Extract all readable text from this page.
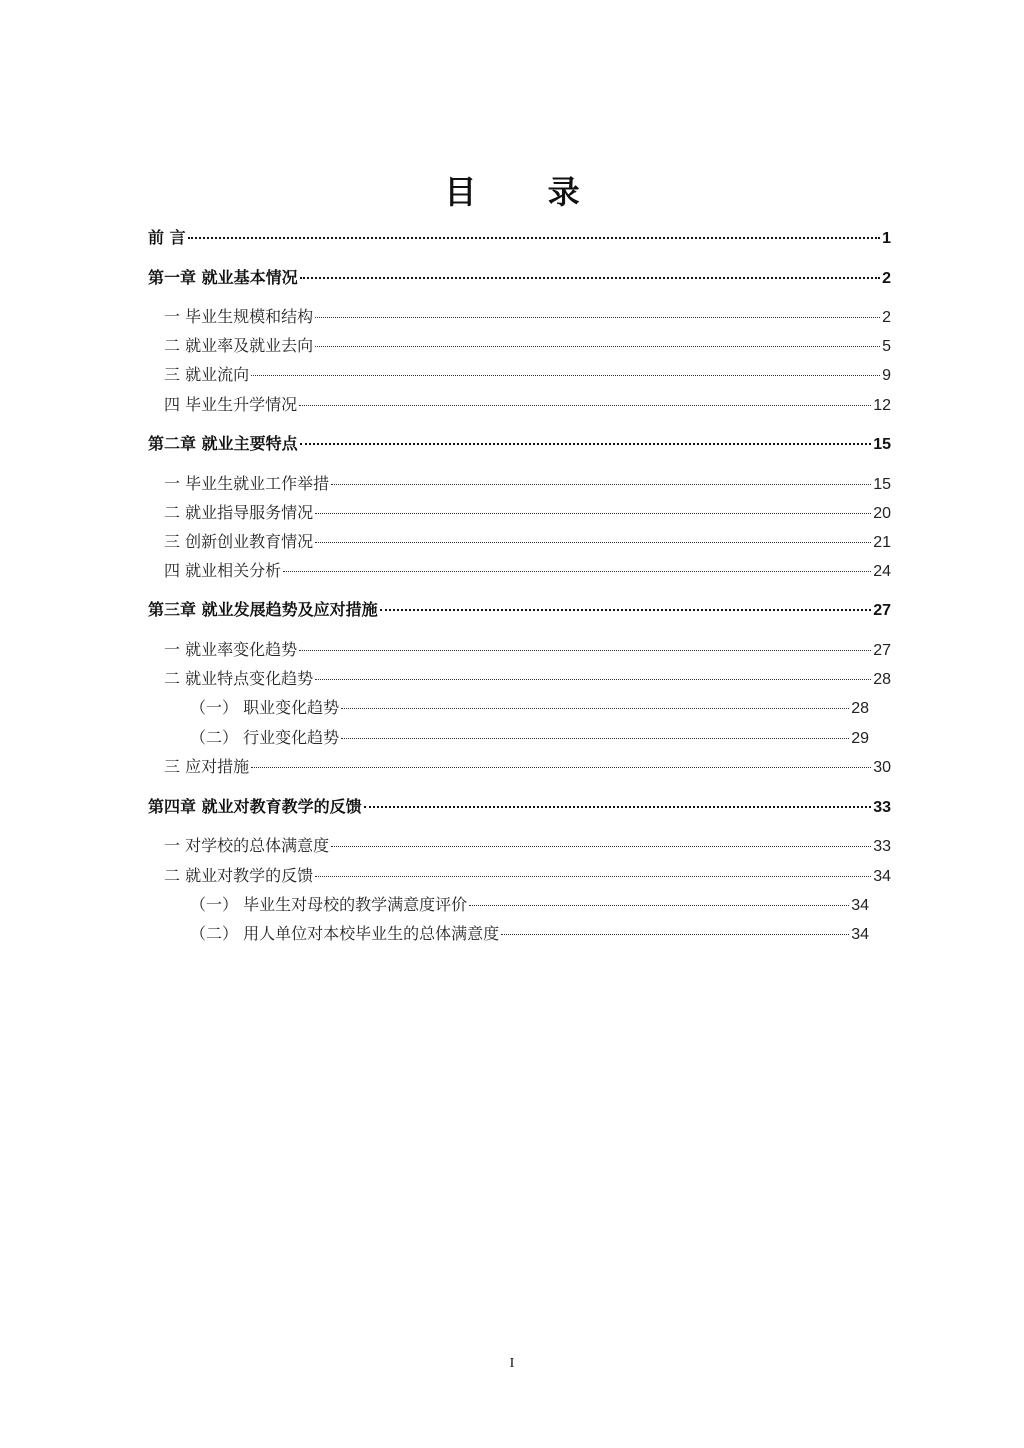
目 录
前 言	1
第一章 就业基本情况	2
一 毕业生规模和结构	2
二 就业率及就业去向	5
三 就业流向	9
四 毕业生升学情况	12
第二章 就业主要特点	15
一 毕业生就业工作举措	15
二 就业指导服务情况	20
三 创新创业教育情况	21
四 就业相关分析	24
第三章 就业发展趋势及应对措施	27
一 就业率变化趋势	27
二 就业特点变化趋势	28
（一） 职业变化趋势	28
（二） 行业变化趋势	29
三 应对措施	30
第四章 就业对教育教学的反馈	33
一 对学校的总体满意度	33
二 就业对教学的反馈	34
（一） 毕业生对母校的教学满意度评价	34
（二） 用人单位对本校毕业生的总体满意度	34
I
